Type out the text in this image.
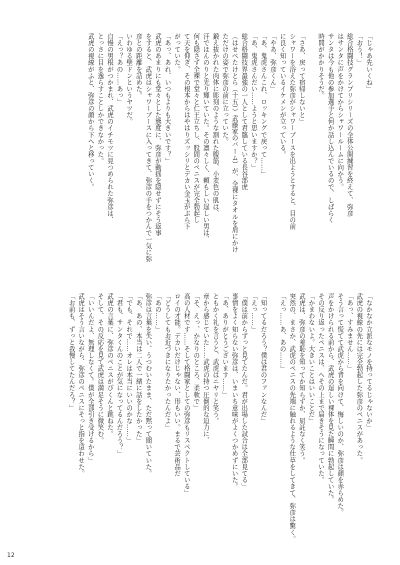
「じゃあ先いくね」
「おう！」
総合格闘技グランプリシリーズの全体公開練習を終えて、弥彦
はサンタに声をかけてからシャワールームに向かう。
サンタは今も他の参加選手と何か話し込んでいるので、しばらく
時間がかかりそうだ。

「さあ、戻って宿帰しないと」
シャワーを浴えた弥彦がシャワーブースを出ようとすると、目の前
に良く知っているイケメンが立っている。
「やあ、弥彦くん」
「あ、鬼虎さんこれ、ロッキングで戻って……」
「あ、鬼虎さんだい……ようと思いますか？」
総合格闘技界最強の一人として君臨している長谷部虎
（はせべたけとら（十五））武藤家のバーム）が、全裸にタオルを肩にかけ
ただけの姿で弥彦の前に立っていた。
鍛え抜かれた肉体に彫刻のような割れた腹筋、小麦色の肌は、
汗でほんのりと光り輝いていた。その凛々しく、頼もしい逞しい男は、
何も隠さず全裸で堂々と仁王立ちし、股間のペニスが完全勃起し
て天を仰ぎ、その根本からはやはりズッシリとデカい金玉がぶら下
がっていた。
「あっ、あれ、いつもよりも大きいです？」
武虎のあまりにも堂々とした態度に、弥彦が動揺を隠せずにそう返事
をすると、武虎はシャワーブースに入ってきて、弥彦の手をつかんで一気に弥
彦との距離を詰めた。
いわゆる壁ドンというヤツだ。
「えっ？あの……あっ」
自慢の男根がつかまれ、武虎のイチモツに見つめられた弥彦は、
とっさに目を逸らすことしかできなかった。
武虎の視線がふと、弥彦の顔から下へと移っていく。
「なかなか立派なモノを持ってるじゃないか」
武虎の視線の先には完全勃起した弥彦のペニスがあった。
「あっ、すみません……」
そう言って慌てて武虎から背を向けて、悔しいのか、弥彦は顔を赤らめた。
声をかけられる前から、武虎の逞しい裸体を見た瞬間に勃起していた。
その反り返ったペニスは、へその上まで届きそうになっていた。
「かまわないよ。大きいことはいいことだ」
武虎は、弥彦の羞恥を知ってか知らずか、屈託なく笑う。
突然の、まさか、武虎のペニスの先端に触れるような仕草をしてきて、弥彦は驚く。
「えっ……あ、あの……」

「知ってるだろう？僕は君のファンなんだ」
「えっ……」
「僕は前からずっと見てたんだ。君が出場した試合は全部見てる」
事情をよく知らない弥彦は、いまいち意味がよくつかめずにいた。
「あ、ありがとうございます……」
ともかく礼を言うと、武虎はニヤリと笑う。
章から感じていた……武虎の持つ圧倒的な迫力に、
「そ、えっ、かなりのところ、柔軟で」
高の人材です……そして格闘家としての弥彦もリスペクトしている」
ロイの才能。デカいだけじゃない、形もいい。まるで芸術品だ
「どうしてもお近づきになりたかったんだよ」
「あの……」
弥彦は言葉を失い、うつむいたまま、ただ黙って聞いていた。
「あ、あの、本当は二人で一緒に話をしたかった」
「でも、それで……オレは本当にいいのかな……」
「君も、サンタくんのことが気になってるんだろう？」
武虎の言葉に、弥彦のペニスがぴくんと跳ねた。
そして、その反応を見て武虎は満足そうに微笑む。
「いいんだよ、無理しなくて。僕が全部引き受けるから」
武虎はそう言いながら、弥彦のペニスにそっと指を這わせた。
「お前も、ずっと我慢してたんだろ？」
12
